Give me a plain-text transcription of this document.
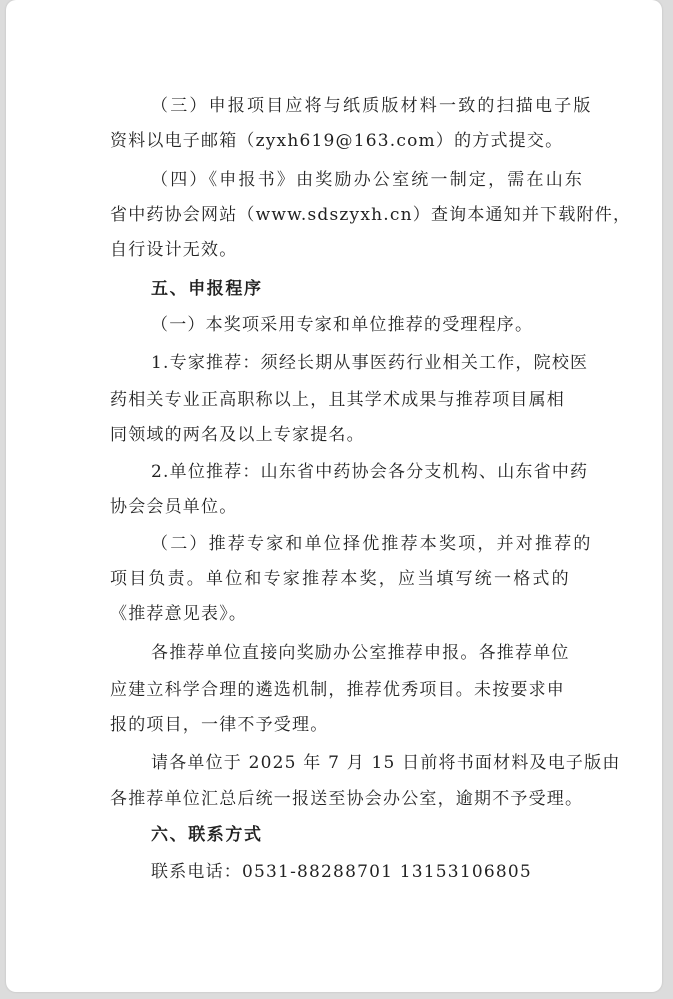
（三）申报项目应将与纸质版材料一致的扫描电子版
资料以电子邮箱（zyxh619@163.com）的方式提交。
（四）《申报书》由奖励办公室统一制定，需在山东
省中药协会网站（www.sdszyxh.cn）查询本通知并下载附件，
自行设计无效。
五、申报程序
（一）本奖项采用专家和单位推荐的受理程序。
1.专家推荐：须经长期从事医药行业相关工作，院校医
药相关专业正高职称以上，且其学术成果与推荐项目属相
同领域的两名及以上专家提名。
2.单位推荐：山东省中药协会各分支机构、山东省中药
协会会员单位。
（二）推荐专家和单位择优推荐本奖项，并对推荐的
项目负责。单位和专家推荐本奖，应当填写统一格式的
《推荐意见表》。
各推荐单位直接向奖励办公室推荐申报。各推荐单位
应建立科学合理的遴选机制，推荐优秀项目。未按要求申
报的项目，一律不予受理。
请各单位于 2025 年 7 月 15 日前将书面材料及电子版由
各推荐单位汇总后统一报送至协会办公室，逾期不予受理。
六、联系方式
联系电话：0531-88288701 13153106805
